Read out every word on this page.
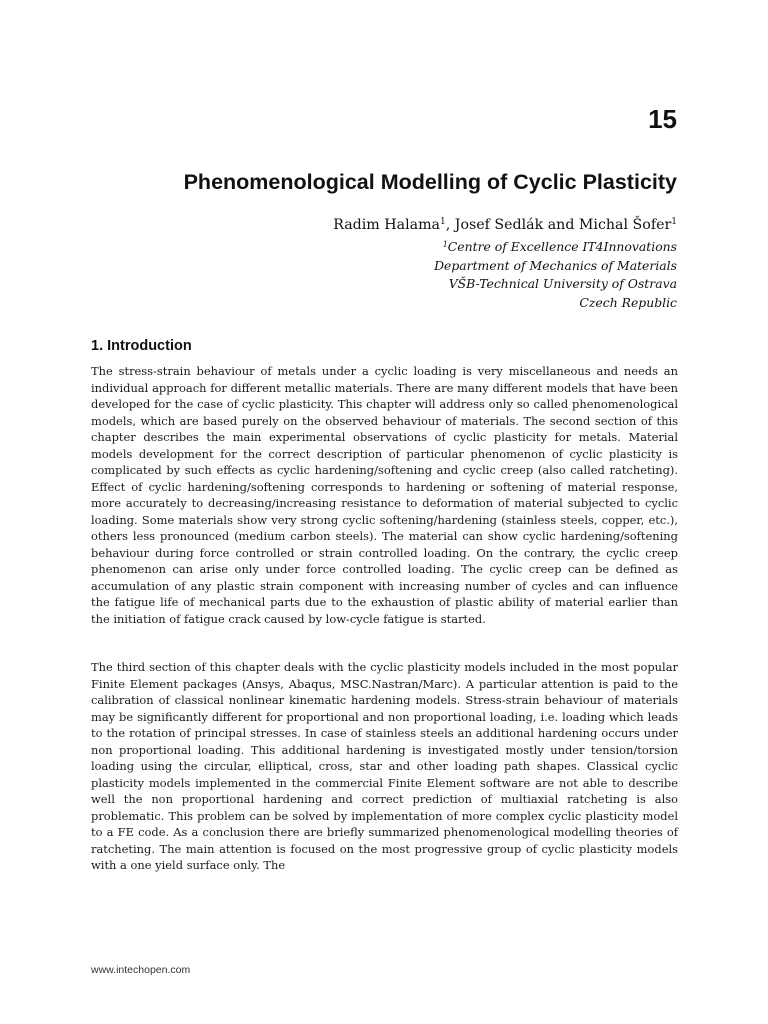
15
Phenomenological Modelling of Cyclic Plasticity
Radim Halama$^1$, Josef Sedlák and Michal Šofer$^1$
$^1$Centre of Excellence IT4Innovations
Department of Mechanics of Materials
VŠB-Technical University of Ostrava
Czech Republic
1. Introduction

The stress-strain behaviour of metals under a cyclic loading is very miscellaneous and needs an individual approach for different metallic materials. There are many different models that have been developed for the case of cyclic plasticity. This chapter will address only so called phenomenological models, which are based purely on the observed behaviour of materials. The second section of this chapter describes the main experimental observations of cyclic plasticity for metals. Material models development for the correct description of particular phenomenon of cyclic plasticity is complicated by such effects as cyclic hardening/softening and cyclic creep (also called ratcheting). Effect of cyclic hardening/softening corresponds to hardening or softening of material response, more accurately to decreasing/increasing resistance to deformation of material subjected to cyclic loading. Some materials show very strong cyclic softening/hardening (stainless steels, copper, etc.), others less pronounced (medium carbon steels). The material can show cyclic hardening/softening behaviour during force controlled or strain controlled loading. On the contrary, the cyclic creep phenomenon can arise only under force controlled loading. The cyclic creep can be defined as accumulation of any plastic strain component with increasing number of cycles and can influence the fatigue life of mechanical parts due to the exhaustion of plastic ability of material earlier than the initiation of fatigue crack caused by low-cycle fatigue is started.

The third section of this chapter deals with the cyclic plasticity models included in the most popular Finite Element packages (Ansys, Abaqus, MSC.Nastran/Marc). A particular attention is paid to the calibration of classical nonlinear kinematic hardening models. Stress-strain behaviour of materials may be significantly different for proportional and non proportional loading, i.e. loading which leads to the rotation of principal stresses. In case of stainless steels an additional hardening occurs under non proportional loading. This additional hardening is investigated mostly under tension/torsion loading using the circular, elliptical, cross, star and other loading path shapes. Classical cyclic plasticity models implemented in the commercial Finite Element software are not able to describe well the non proportional hardening and correct prediction of multiaxial ratcheting is also problematic. This problem can be solved by implementation of more complex cyclic plasticity model to a FE code. As a conclusion there are briefly summarized phenomenological modelling theories of ratcheting. The main attention is focused on the most progressive group of cyclic plasticity models with a one yield surface only. The

www.intechopen.com
